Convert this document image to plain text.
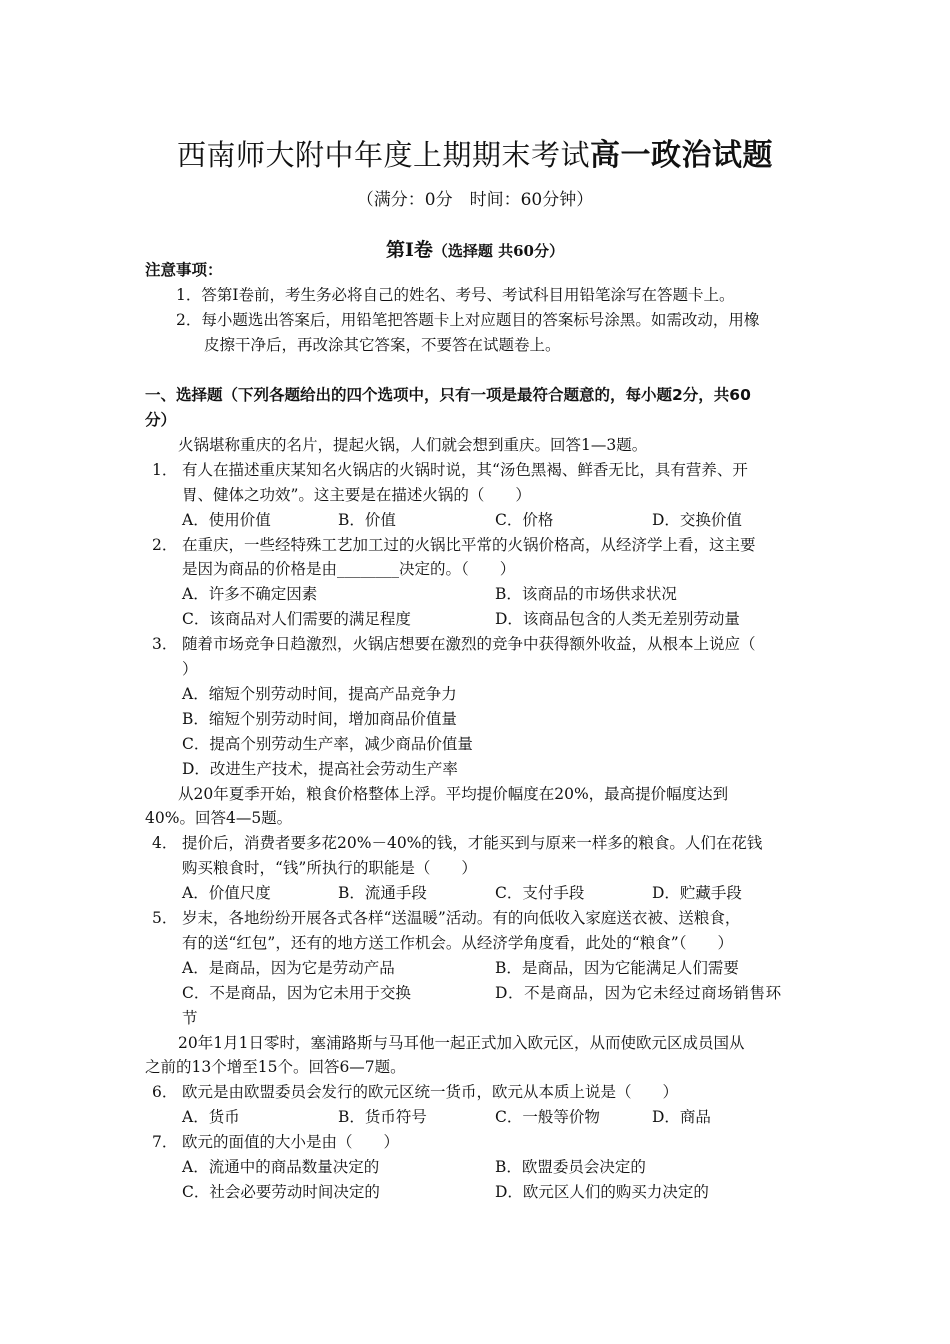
西南师大附中年度上期期末考试高一政治试题
（满分：0分　时间：60分钟）
第Ⅰ卷（选择题 共60分）
注意事项：
1．答第Ⅰ卷前，考生务必将自己的姓名、考号、考试科目用铅笔涂写在答题卡上。
2．每小题选出答案后，用铅笔把答题卡上对应题目的答案标号涂黑。如需改动，用橡
皮擦干净后，再改涂其它答案，不要答在试题卷上。
一、选择题（下列各题给出的四个选项中，只有一项是最符合题意的，每小题2分，共60
分）
火锅堪称重庆的名片，提起火锅，人们就会想到重庆。回答1—3题。
1． 有人在描述重庆某知名火锅店的火锅时说，其“汤色黑褐、鲜香无比，具有营养、开
胃、健体之功效”。这主要是在描述火锅的（　　）
A．使用价值	B．价值	C．价格	D．交换价值
2． 在重庆，一些经特殊工艺加工过的火锅比平常的火锅价格高，从经济学上看，这主要
是因为商品的价格是由________决定的。（　　）
A．许多不确定因素	B．该商品的市场供求状况
C．该商品对人们需要的满足程度	D．该商品包含的人类无差别劳动量
3． 随着市场竞争日趋激烈，火锅店想要在激烈的竞争中获得额外收益，从根本上说应（
）
A．缩短个别劳动时间，提高产品竞争力
B．缩短个别劳动时间，增加商品价值量
C．提高个别劳动生产率，减少商品价值量
D．改进生产技术，提高社会劳动生产率
从20年夏季开始，粮食价格整体上浮。平均提价幅度在20%，最高提价幅度达到
40%。回答4—5题。
4． 提价后，消费者要多花20%－40%的钱，才能买到与原来一样多的粮食。人们在花钱
购买粮食时，“钱”所执行的职能是（　　）
A．价值尺度	B．流通手段	C．支付手段	D．贮藏手段
5． 岁末，各地纷纷开展各式各样“送温暖”活动。有的向低收入家庭送衣被、送粮食，
有的送“红包”，还有的地方送工作机会。从经济学角度看，此处的“粮食”（　　）
A．是商品，因为它是劳动产品	B．是商品，因为它能满足人们需要
C．不是商品，因为它未用于交换	D．不是商品，因为它未经过商场销售环
节
20年1月1日零时，塞浦路斯与马耳他一起正式加入欧元区，从而使欧元区成员国从
之前的13个增至15个。回答6—7题。
6． 欧元是由欧盟委员会发行的欧元区统一货币，欧元从本质上说是（　　）
A．货币	B．货币符号	C．一般等价物	D．商品
7． 欧元的面值的大小是由（　　）
A．流通中的商品数量决定的	B．欧盟委员会决定的
C．社会必要劳动时间决定的	D．欧元区人们的购买力决定的
